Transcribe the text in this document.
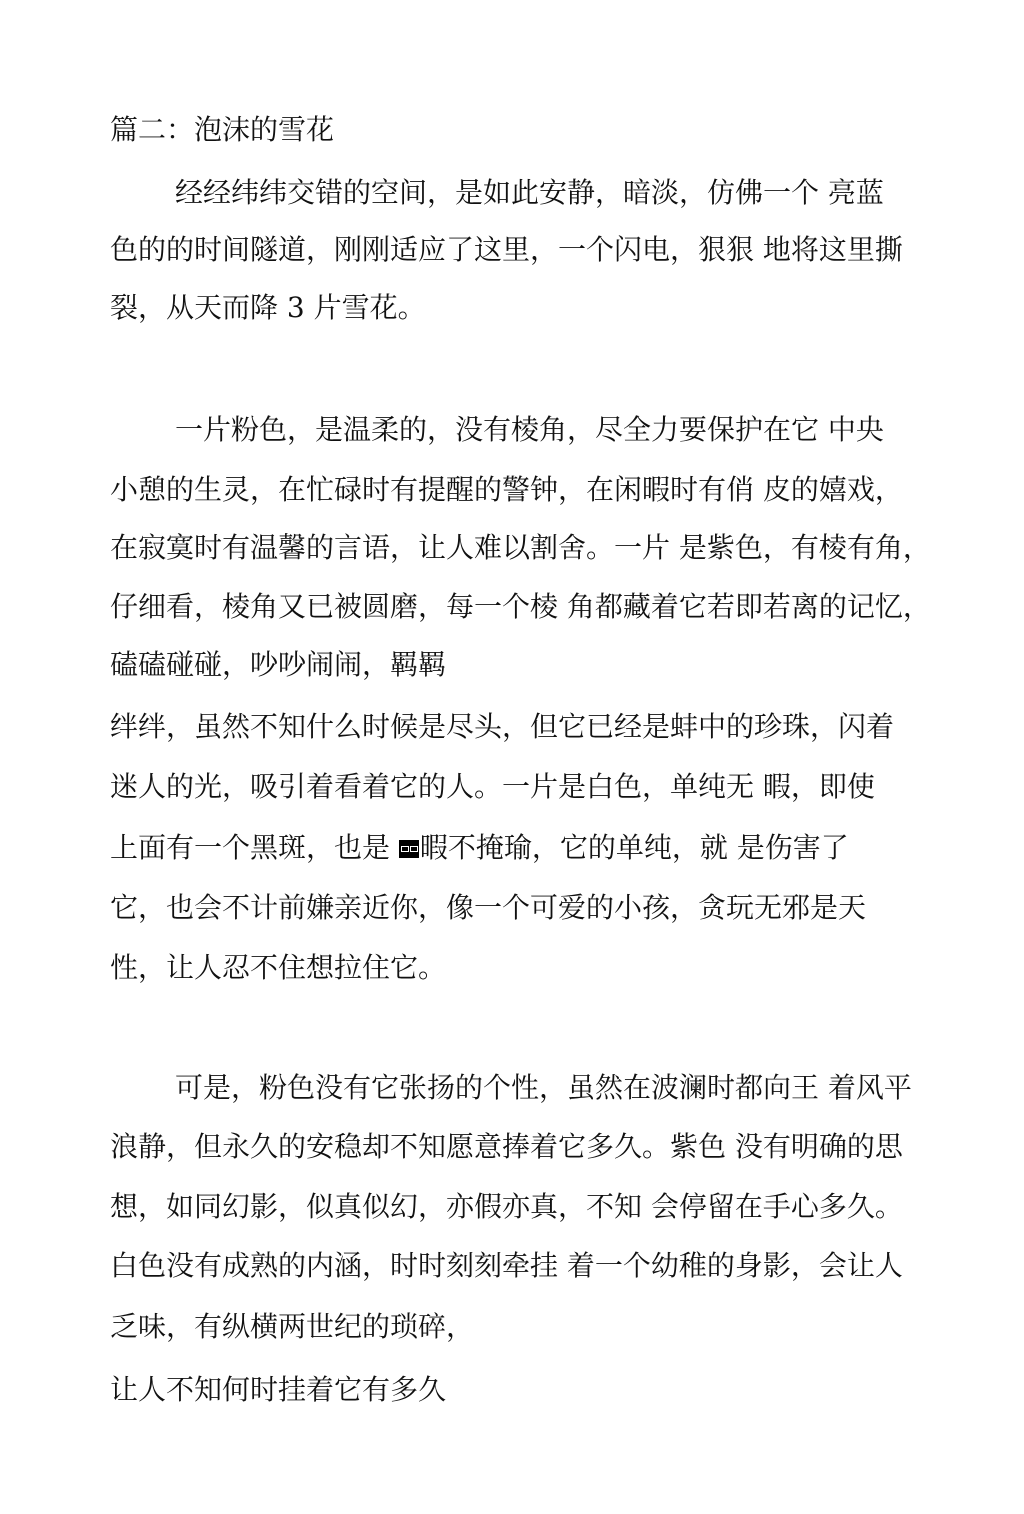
篇二：泡沫的雪花
经经纬纬交错的空间，是如此安静，暗淡，仿佛一个 亮蓝
色的的时间隧道，刚刚适应了这里，一个闪电，狠狠 地将这里撕
裂，从天而降 3 片雪花。
一片粉色，是温柔的，没有棱角，尽全力要保护在它 中央
小憩的生灵，在忙碌时有提醒的警钟，在闲暇时有俏 皮的嬉戏，
在寂寞时有温馨的言语，让人难以割舍。一片 是紫色，有棱有角，
仔细看，棱角又已被圆磨，每一个棱 角都藏着它若即若离的记忆，
磕磕碰碰，吵吵闹闹，羁羁
绊绊，虽然不知什么时候是尽头，但它已经是蚌中的珍珠，闪着
迷人的光，吸引着看着它的人。一片是白色，单纯无 暇，即使
上面有一个黑斑，也是 暇不掩瑜，它的单纯，就 是伤害了
它，也会不计前嫌亲近你，像一个可爱的小孩，贪玩无邪是天
性，让人忍不住想拉住它。
可是，粉色没有它张扬的个性，虽然在波澜时都向王 着风平
浪静，但永久的安稳却不知愿意捧着它多久。紫色 没有明确的思
想，如同幻影，似真似幻，亦假亦真，不知 会停留在手心多久。
白色没有成熟的内涵，时时刻刻牵挂 着一个幼稚的身影，会让人
乏味，有纵横两世纪的琐碎，
让人不知何时挂着它有多久
